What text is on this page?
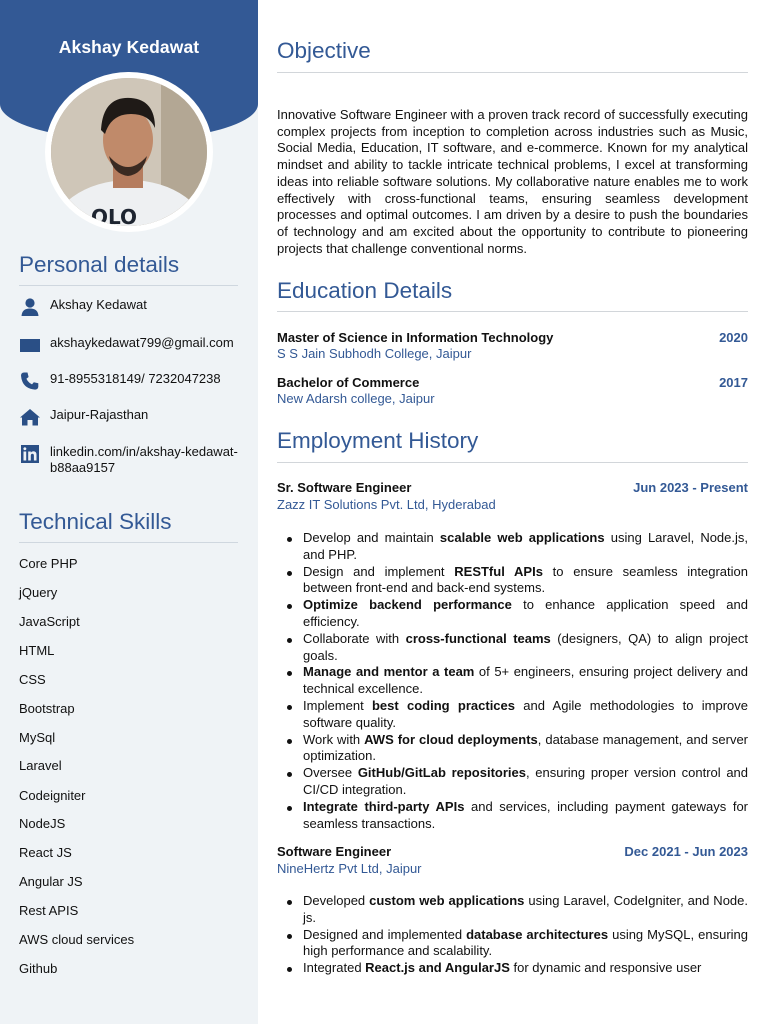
Akshay Kedawat
OLO
Personal details
Akshay Kedawat
akshaykedawat799@gmail.com
91-8955318149/ 7232047238
Jaipur-Rajasthan
linkedin.com/in/akshay-kedawat-b88aa9157
Technical Skills
Core PHP
jQuery
JavaScript
HTML
CSS
Bootstrap
MySql
Laravel
Codeigniter
NodeJS
React JS
Angular JS
Rest APIS
AWS cloud services
Github
Objective

Innovative Software Engineer with a proven track record of successfully executing complex projects from inception to completion across industries such as Music, Social Media, Education, IT software, and e-commerce. Known for my analytical mindset and ability to tackle intricate technical problems, I excel at transforming ideas into reliable software solutions. My collaborative nature enables me to work effectively with cross-functional teams, ensuring seamless development processes and optimal outcomes. I am driven by a desire to push the boundaries of technology and am excited about the opportunity to contribute to pioneering projects that challenge conventional norms.

Education Details
Master of Science in Information Technology	2020
S S Jain Subhodh College, Jaipur
Bachelor of Commerce	2017
New Adarsh college, Jaipur
Employment History
Sr. Software Engineer	Jun 2023 - Present
Zazz IT Solutions Pvt. Ltd, Hyderabad
Develop and maintain scalable web applications using Laravel, Node.js, and PHP.
Design and implement RESTful APIs to ensure seamless integration between front-end and back-end systems.
Optimize backend performance to enhance application speed and efficiency.
Collaborate with cross-functional teams (designers, QA) to align project goals.
Manage and mentor a team of 5+ engineers, ensuring project delivery and technical excellence.
Implement best coding practices and Agile methodologies to improve software quality.
Work with AWS for cloud deployments, database management, and server optimization.
Oversee GitHub/GitLab repositories, ensuring proper version control and CI/CD integration.
Integrate third-party APIs and services, including payment gateways for seamless transactions.
Software Engineer	Dec 2021 - Jun 2023
NineHertz Pvt Ltd, Jaipur
Developed custom web applications using Laravel, CodeIgniter, and Node. js.
Designed and implemented database architectures using MySQL, ensuring high performance and scalability.
Integrated React.js and AngularJS for dynamic and responsive user
